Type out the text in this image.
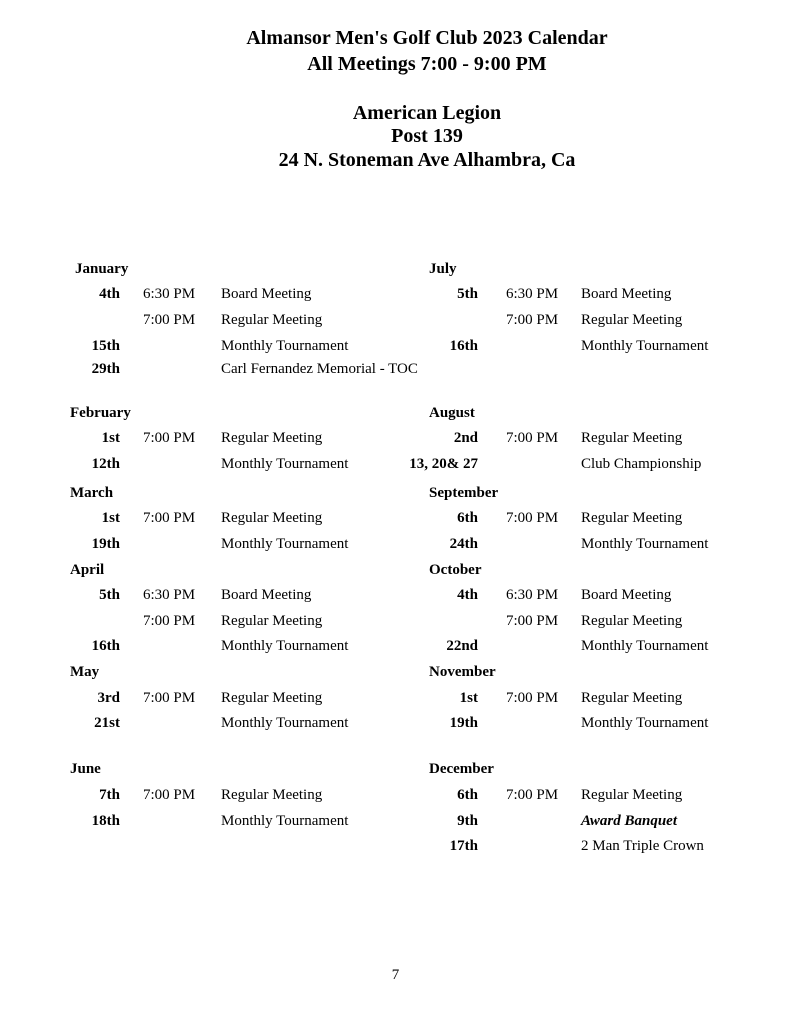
Almansor Men's Golf Club 2023 Calendar
All Meetings 7:00 - 9:00 PM
American Legion
Post 139
24 N. Stoneman Ave Alhambra, Ca
January
4th 6:30 PM Board Meeting
7:00 PM Regular Meeting
15th	Monthly Tournament
29th	Carl Fernandez Memorial - TOC
February
1st 7:00 PM Regular Meeting
12th	Monthly Tournament
March
1st 7:00 PM Regular Meeting
19th	Monthly Tournament
April
5th 6:30 PM Board Meeting
7:00 PM Regular Meeting
16th	Monthly Tournament
May
3rd 7:00 PM Regular Meeting
21st	Monthly Tournament
June
7th 7:00 PM Regular Meeting
18th	Monthly Tournament
July
5th 6:30 PM Board Meeting
7:00 PM Regular Meeting
16th	Monthly Tournament
August
2nd 7:00 PM Regular Meeting
13, 20& 27	Club Championship
September
6th 7:00 PM Regular Meeting
24th	Monthly Tournament
October
4th 6:30 PM Board Meeting
7:00 PM Regular Meeting
22nd	Monthly Tournament
November
1st 7:00 PM Regular Meeting
19th	Monthly Tournament
December
6th 7:00 PM Regular Meeting
9th	Award Banquet
17th	2 Man Triple Crown
7
